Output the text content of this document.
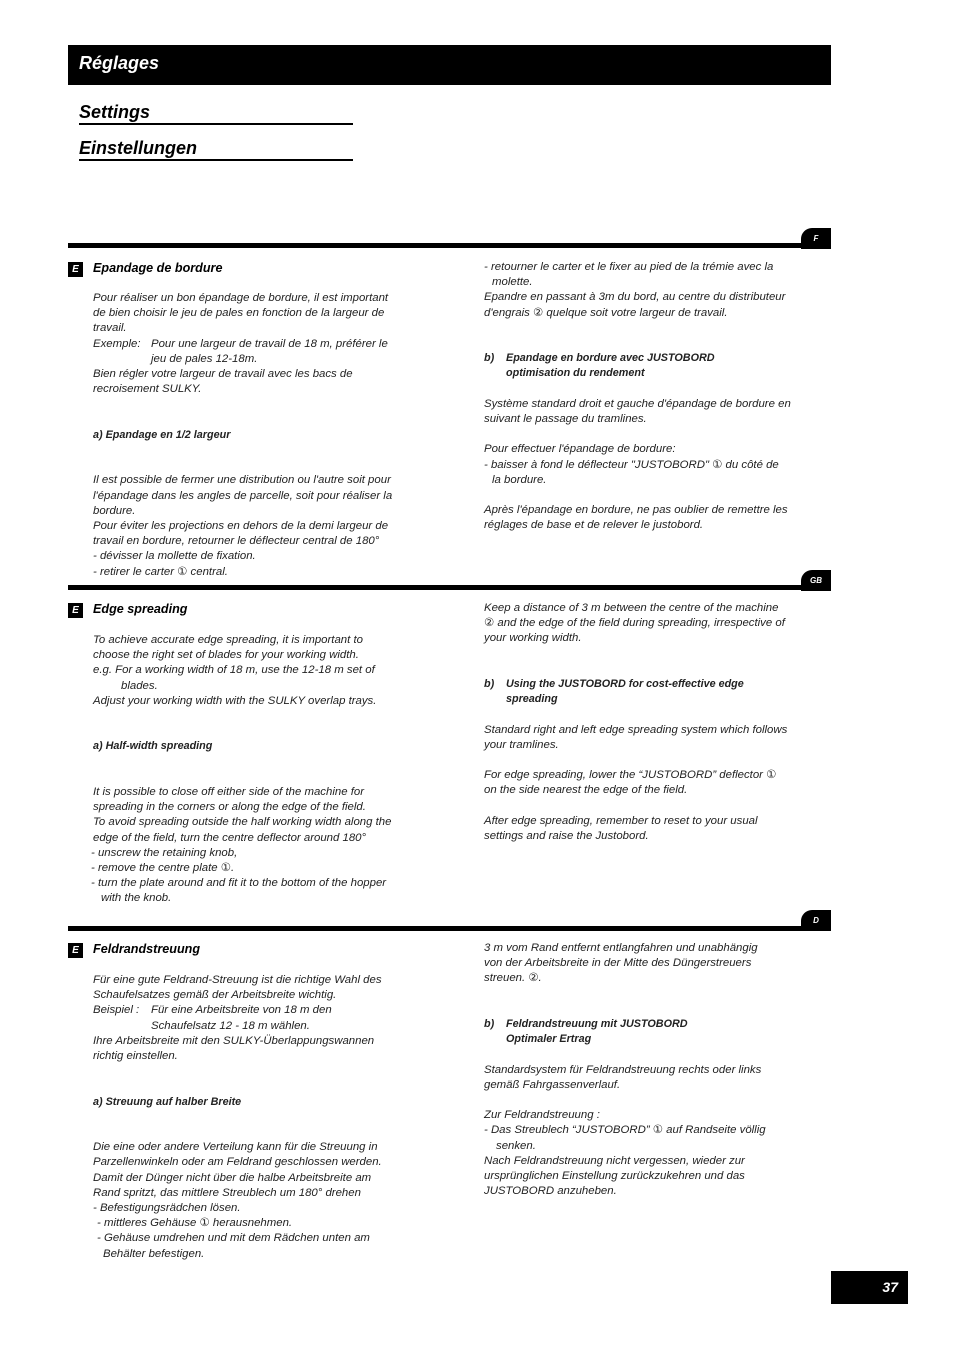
Réglages
Settings
Einstellungen
F
E	Epandage de bordure

Pour réaliser un bon épandage de bordure, il est important

de bien choisir le jeu de pales en fonction de la largeur de

travail.

Exemple: Pour une largeur de travail de 18 m, préférer le

jeu de pales 12-18m.

Bien régler votre largeur de travail avec les bacs de

recroisement SULKY.

a) Epandage en 1/2 largeur

Il est possible de fermer une distribution ou l'autre soit pour

l'épandage dans les angles de parcelle, soit pour réaliser la

bordure.

Pour éviter les projections en dehors de la demi largeur de

travail en bordure, retourner le déflecteur central de 180°

- dévisser la mollette de fixation.

- retirer le carter ① central.

- retourner le carter et le fixer au pied de la trémie avec la

molette.

Epandre en passant à 3m du bord, au centre du distributeur

d'engrais ② quelque soit votre largeur de travail.

b)	Epandage en bordure avec JUSTOBORD

optimisation du rendement

Système standard droit et gauche d'épandage de bordure en

suivant le passage du tramlines.

Pour effectuer l'épandage de bordure:

- baisser à fond le déflecteur "JUSTOBORD" ① du côté de

la bordure.

Après l'épandage en bordure, ne pas oublier de remettre les

réglages de base et de relever le justobord.

GB
E	Edge spreading

To achieve accurate edge spreading, it is important to

choose the right set of blades for your working width.

e.g. For a working width of 18 m, use the 12-18 m set of

blades.

Adjust your working width with the SULKY overlap trays.

a) Half-width spreading

It is possible to close off either side of the machine for

spreading in the corners or along the edge of the field.

To avoid spreading outside the half working width along the

edge of the field, turn the centre deflector around 180°

- unscrew the retaining knob,

- remove the centre plate ①.

- turn the plate around and fit it to the bottom of the hopper

with the knob.

Keep a distance of 3 m between the centre of the machine

② and the edge of the field during spreading, irrespective of

your working width.

b)	Using the JUSTOBORD for cost-effective edge

spreading

Standard right and left edge spreading system which follows

your tramlines.

For edge spreading, lower the “JUSTOBORD” deflector ①

on the side nearest the edge of the field.

After edge spreading, remember to reset to your usual

settings and raise the Justobord.

D
E	Feldrandstreuung

Für eine gute Feldrand-Streuung ist die richtige Wahl des

Schaufelsatzes gemäß der Arbeitsbreite wichtig.

Beispiel :	Für eine Arbeitsbreite von 18 m den

Schaufelsatz 12 - 18 m wählen.

Ihre Arbeitsbreite mit den SULKY-Überlappungswannen

richtig einstellen.

a) Streuung auf halber Breite

Die eine oder andere Verteilung kann für die Streuung in

Parzellenwinkeln oder am Feldrand geschlossen werden.

Damit der Dünger nicht über die halbe Arbeitsbreite am

Rand spritzt, das mittlere Streublech um 180° drehen

- Befestigungsrädchen lösen.

- mittleres Gehäuse ① herausnehmen.

- Gehäuse umdrehen und mit dem Rädchen unten am

Behälter befestigen.

3 m vom Rand entfernt entlangfahren und unabhängig

von der Arbeitsbreite in der Mitte des Düngerstreuers

streuen. ②.

b)	Feldrandstreuung mit JUSTOBORD

Optimaler Ertrag

Standardsystem für Feldrandstreuung rechts oder links

gemäß Fahrgassenverlauf.

Zur Feldrandstreuung :

- Das Streublech “JUSTOBORD” ① auf Randseite völlig

senken.

Nach Feldrandstreuung nicht vergessen, wieder zur

ursprünglichen Einstellung zurückzukehren und das

JUSTOBORD anzuheben.

37
